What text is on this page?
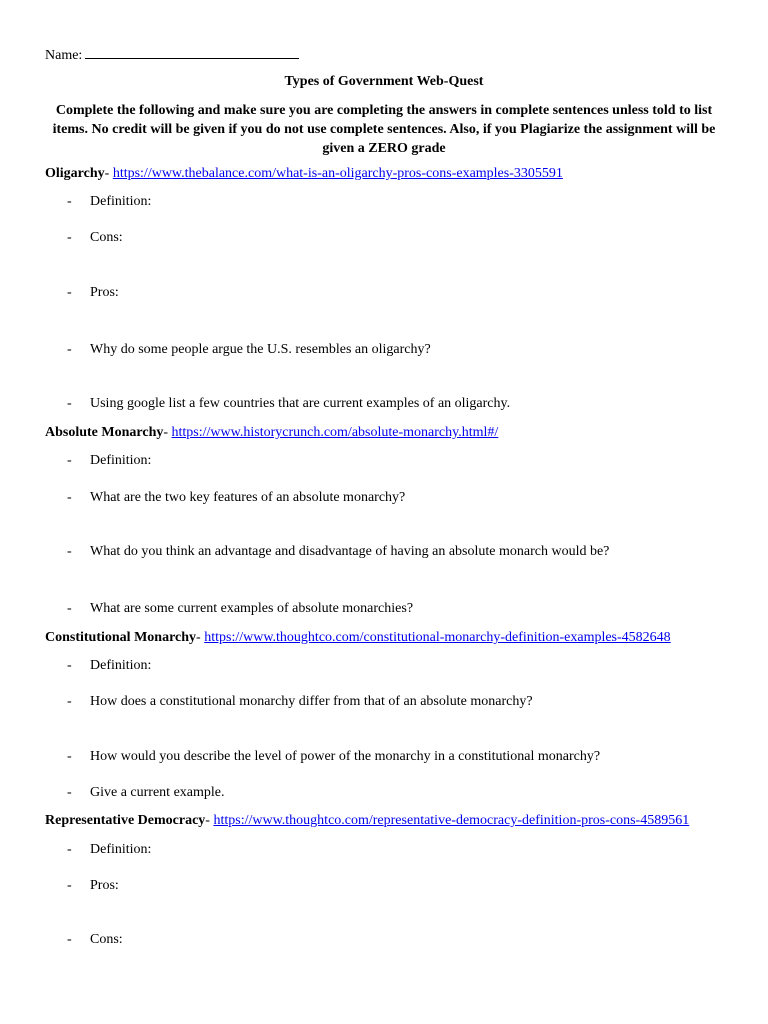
Name:
Types of Government Web-Quest
Complete the following and make sure you are completing the answers in complete sentences unless told to list items. No credit will be given if you do not use complete sentences. Also, if you Plagiarize the assignment will be given a ZERO grade
Oligarchy- https://www.thebalance.com/what-is-an-oligarchy-pros-cons-examples-3305591
- Definition:
- Cons:
- Pros:
- Why do some people argue the U.S. resembles an oligarchy?
- Using google list a few countries that are current examples of an oligarchy.
Absolute Monarchy- https://www.historycrunch.com/absolute-monarchy.html#/
- Definition:
- What are the two key features of an absolute monarchy?
- What do you think an advantage and disadvantage of having an absolute monarch would be?
- What are some current examples of absolute monarchies?
Constitutional Monarchy- https://www.thoughtco.com/constitutional-monarchy-definition-examples-4582648
- Definition:
- How does a constitutional monarchy differ from that of an absolute monarchy?
- How would you describe the level of power of the monarchy in a constitutional monarchy?
- Give a current example.
Representative Democracy- https://www.thoughtco.com/representative-democracy-definition-pros-cons-4589561
- Definition:
- Pros:
- Cons:
